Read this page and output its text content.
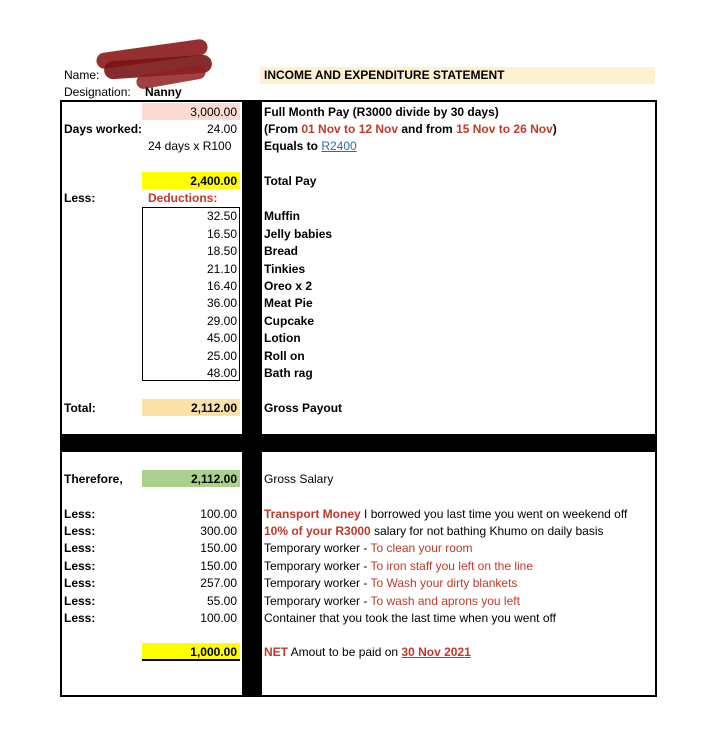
Name:
Designation: Nanny
INCOME AND EXPENDITURE STATEMENT
3,000.00 Full Month Pay (R3000 divide by 30 days)
Days worked:	24.00 (From 01 Nov to 12 Nov and from 15 Nov to 26 Nov)
24 days x R100	Equals to R2400
2,400.00 Total Pay
Less:	Deductions:
32.50 Muffin
16.50 Jelly babies
18.50 Bread
21.10 Tinkies
16.40 Oreo x 2
36.00 Meat Pie
29.00 Cupcake
45.00 Lotion
25.00 Roll on
48.00 Bath rag
Total:	2,112.00 Gross Payout
Therefore,	2,112.00 Gross Salary
Less:	100.00 Transport Money I borrowed you last time you went on weekend off
Less:	300.00 10% of your R3000 salary for not bathing Khumo on daily basis
Less:	150.00 Temporary worker - To clean your room
Less:	150.00 Temporary worker - To iron staff you left on the line
Less:	257.00 Temporary worker - To Wash your dirty blankets
Less:	55.00 Temporary worker - To wash and aprons you left
Less:	100.00 Container that you took the last time when you went off
1,000.00 NET Amout to be paid on 30 Nov 2021
